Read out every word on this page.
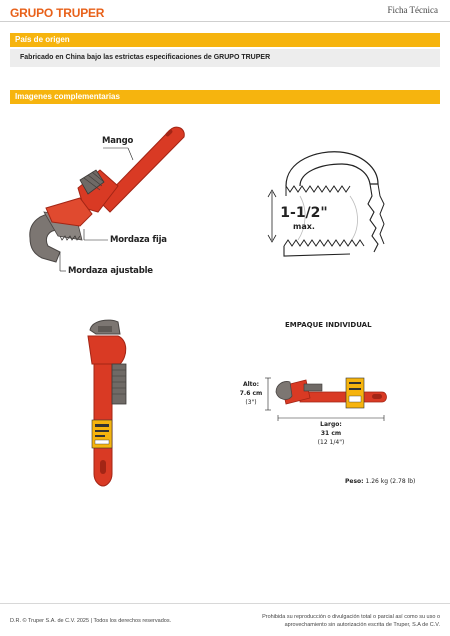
GRUPO TRUPER	Ficha Técnica
País de origen
Fabricado en China bajo las estrictas especificaciones de GRUPO TRUPER
Imagenes complementarias
Mango
Mordaza fija
Mordaza ajustable
1-1/2"
max.
EMPAQUE INDIVIDUAL
Alto:
7.6 cm
(3")
Largo:
31 cm
(12 1/4")
Peso: 1.26 kg (2.78 lb)
D.R. © Truper S.A. de C.V. 2025 | Todos los derechos reservados.
Prohibida su reproducción o divulgación total o parcial así como su uso o aprovechamiento sin autorización escrita de Truper, S.A de C.V.
